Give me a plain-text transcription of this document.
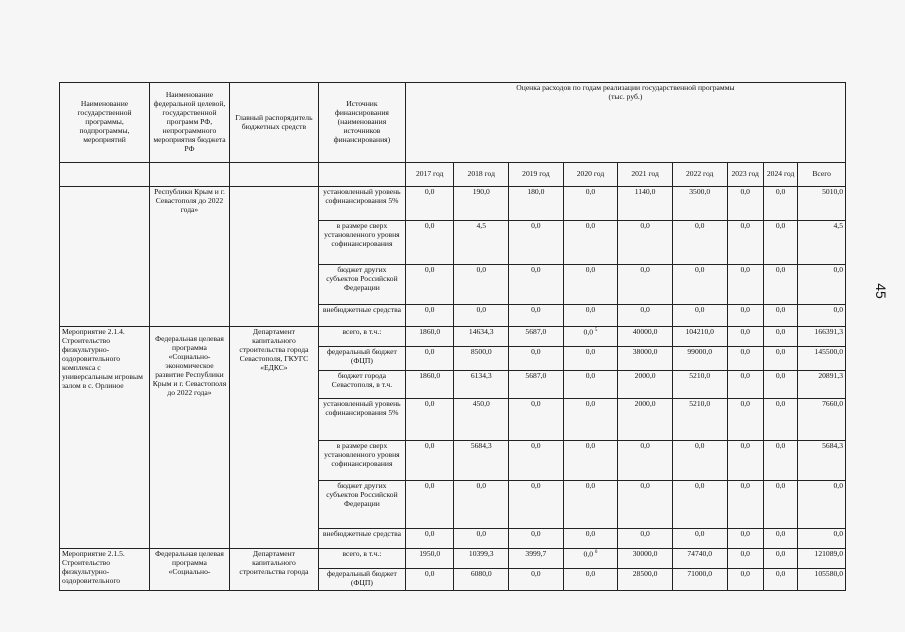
45
Наименование государственной программы, подпрограммы, мероприятий	Наименование федеральной целевой, государственной программ РФ, непрограммного мероприятия бюджета РФ	Главный распорядитель бюджетных средств	Источник финансирования (наименования источников финансирования)	Оценка расходов по годам реализации государственной программы
(тыс. руб.)								

				2017 год	2018 год	2019 год	2020 год	2021 год	2022 год	2023 год	2024 год	Всего
	Республики Крым и г. Севастополя до 2022 года»		установленный уровень софинансирования 5%	0,0	190,0	180,0	0,0	1140,0	3500,0	0,0	0,0	5010,0
			в размере сверх установленного уровня софинансирования	0,0	4,5	0,0	0,0	0,0	0,0	0,0	0,0	4,5
			бюджет других субъектов Российской Федерации	0,0	0,0	0,0	0,0	0,0	0,0	0,0	0,0	0,0
			внебюджетные средства	0,0	0,0	0,0	0,0	0,0	0,0	0,0	0,0	0,0
Мероприятие 2.1.4. Строительство физкультурно-оздоровительного комплекса с универсальным игровым залом в с. Орлиное	Федеральная целевая программа «Социально-экономическое развитие Республики Крым и г. Севастополя до 2022 года»	Департамент капитального строительства города Севастополя, ГКУГС «ЕДКС»	всего, в т.ч.:	1860,0	14634,3	5687,0	0,0 $^5$	40000,0	104210,0	0,0	0,0	166391,3
			федеральный бюджет (ФЦП)	0,0	8500,0	0,0	0,0	38000,0	99000,0	0,0	0,0	145500,0
			бюджет города Севастополя, в т.ч.	1860,0	6134,3	5687,0	0,0	2000,0	5210,0	0,0	0,0	20891,3
			установленный уровень софинансирования 5%	0,0	450,0	0,0	0,0	2000,0	5210,0	0,0	0,0	7660,0
			в размере сверх установленного уровня софинансирования	0,0	5684,3	0,0	0,0	0,0	0,0	0,0	0,0	5684,3
			бюджет других субъектов Российской Федерации	0,0	0,0	0,0	0,0	0,0	0,0	0,0	0,0	0,0
			внебюджетные средства	0,0	0,0	0,0	0,0	0,0	0,0	0,0	0,0	0,0
Мероприятие 2.1.5. Строительство физкультурно-оздоровительного	Федеральная целевая программа «Социально-	Департамент капитального строительства города	всего, в т.ч.:	1950,0	10399,3	3999,7	0,0 $^6$	30000,0	74740,0	0,0	0,0	121089,0
			федеральный бюджет (ФЦП)	0,0	6080,0	0,0	0,0	28500,0	71000,0	0,0	0,0	105580,0
